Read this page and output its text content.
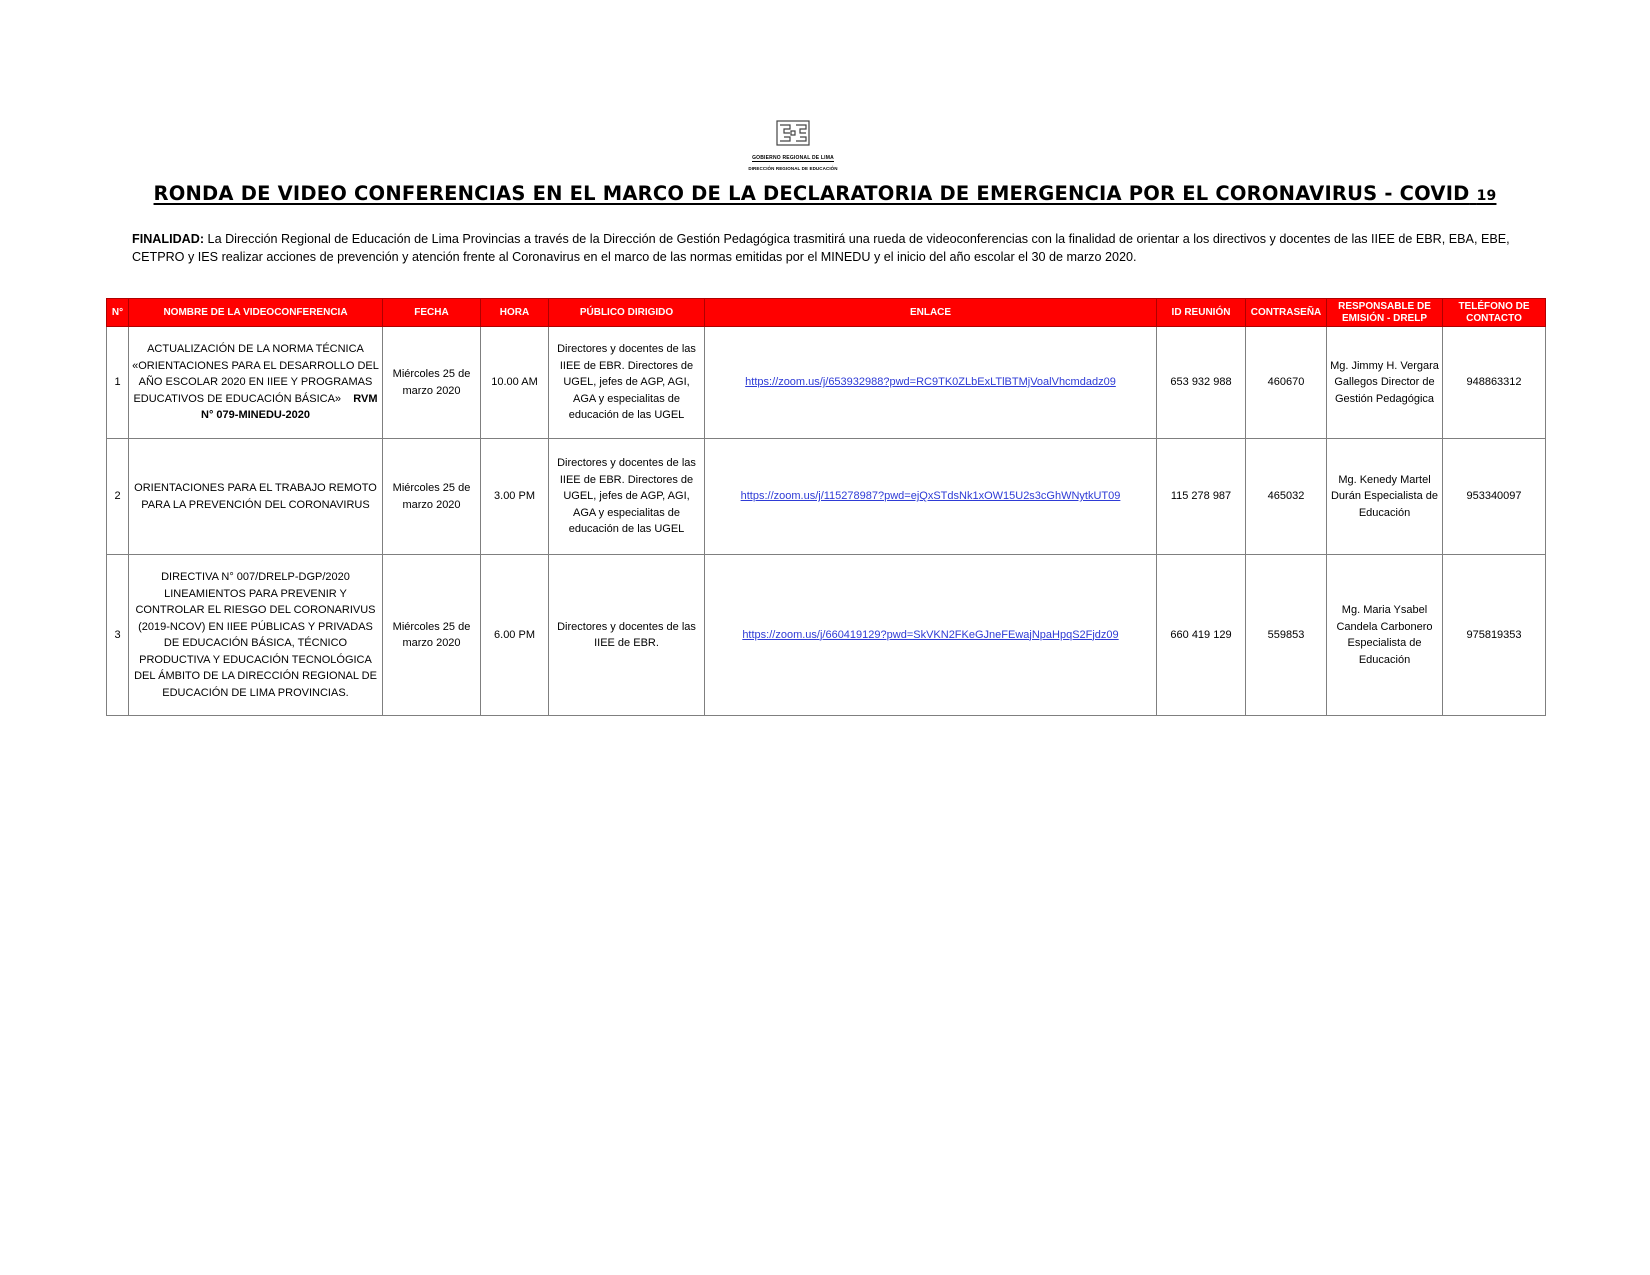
GOBIERNO REGIONAL DE LIMA
DIRECCIÓN REGIONAL DE EDUCACIÓN
RONDA DE VIDEO CONFERENCIAS EN EL MARCO DE LA DECLARATORIA DE EMERGENCIA POR EL CORONAVIRUS - COVID 19
FINALIDAD: La Dirección Regional de Educación de Lima Provincias a través de la Dirección de Gestión Pedagógica trasmitirá una rueda de videoconferencias con la finalidad de orientar a los directivos y docentes de las IIEE de EBR, EBA, EBE, CETPRO y IES realizar acciones de prevención y atención frente al Coronavirus en el marco de las normas emitidas por el MINEDU y el inicio del año escolar el 30 de marzo 2020.
N°	NOMBRE DE LA VIDEOCONFERENCIA	FECHA	HORA	PÚBLICO DIRIGIDO	ENLACE	ID REUNIÓN	CONTRASEÑA	RESPONSABLE DE EMISIÓN - DRELP	TELÉFONO DE CONTACTO
1	ACTUALIZACIÓN DE LA NORMA TÉCNICA «ORIENTACIONES PARA EL DESARROLLO DEL AÑO ESCOLAR 2020 EN IIEE Y PROGRAMAS EDUCATIVOS DE EDUCACIÓN BÁSICA» RVM N° 079-MINEDU-2020	Miércoles 25 de marzo 2020	10.00 AM	Directores y docentes de las IIEE de EBR. Directores de UGEL, jefes de AGP, AGI, AGA y especialitas de educación de las UGEL	https://zoom.us/j/653932988?pwd=RC9TK0ZLbExLTlBTMjVoalVhcmdadz09	653 932 988	460670	Mg. Jimmy H. Vergara Gallegos Director de Gestión Pedagógica	948863312
2	ORIENTACIONES PARA EL TRABAJO REMOTO PARA LA PREVENCIÓN DEL CORONAVIRUS	Miércoles 25 de marzo 2020	3.00 PM	Directores y docentes de las IIEE de EBR. Directores de UGEL, jefes de AGP, AGI, AGA y especialitas de educación de las UGEL	https://zoom.us/j/115278987?pwd=ejQxSTdsNk1xOW15U2s3cGhWNytkUT09	115 278 987	465032	Mg. Kenedy Martel Durán Especialista de Educación	953340097
3	DIRECTIVA N° 007/DRELP-DGP/2020 LINEAMIENTOS PARA PREVENIR Y CONTROLAR EL RIESGO DEL CORONARIVUS (2019-NCOV) EN IIEE PÚBLICAS Y PRIVADAS DE EDUCACIÓN BÁSICA, TÉCNICO PRODUCTIVA Y EDUCACIÓN TECNOLÓGICA DEL ÁMBITO DE LA DIRECCIÓN REGIONAL DE EDUCACIÓN DE LIMA PROVINCIAS.	Miércoles 25 de marzo 2020	6.00 PM	Directores y docentes de las IIEE de EBR.	https://zoom.us/j/660419129?pwd=SkVKN2FKeGJneFEwajNpaHpqS2Fjdz09	660 419 129	559853	Mg. Maria Ysabel Candela Carbonero Especialista de Educación	975819353
